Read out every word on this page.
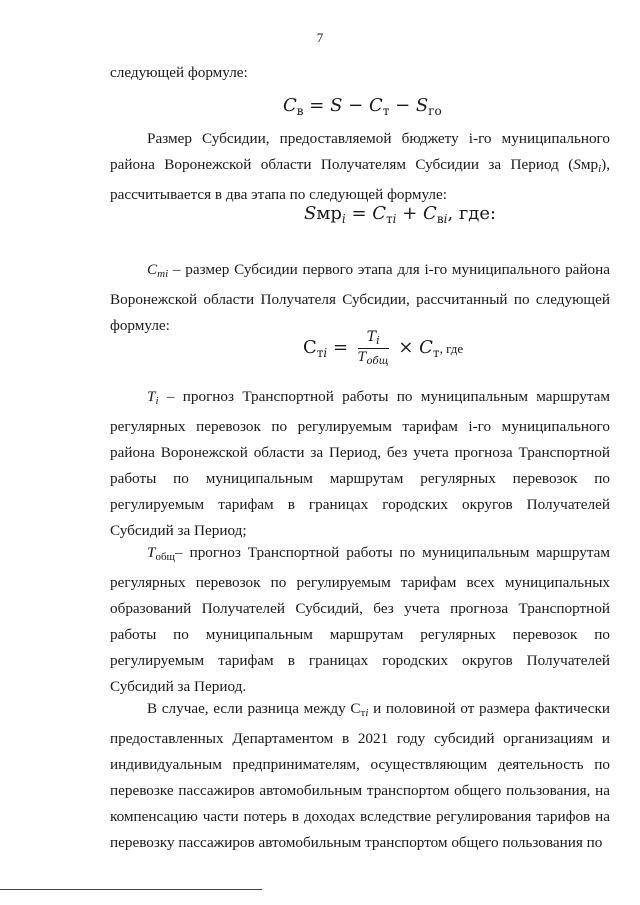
7
следующей формуле:
$C_в = S - C_т - S_{го}$
Размер Субсидии, предоставляемой бюджету i-го муниципального района Воронежской области Получателям Субсидии за Период (Sмрi), рассчитывается в два этапа по следующей формуле:
$Sмр_i = C_{тi} + C_{вi}$, где:
Cтi – размер Субсидии первого этапа для i-го муниципального района Воронежской области Получателя Субсидии, рассчитанный по следующей формуле:
$C_{тi} = \frac{T_i}{T_{общ}} \times C_т$, где
Ti – прогноз Транспортной работы по муниципальным маршрутам регулярных перевозок по регулируемым тарифам i-го муниципального района Воронежской области за Период, без учета прогноза Транспортной работы по муниципальным маршрутам регулярных перевозок по регулируемым тарифам в границах городских округов Получателей Субсидий за Период;
Tобщ– прогноз Транспортной работы по муниципальным маршрутам регулярных перевозок по регулируемым тарифам всех муниципальных образований Получателей Субсидий, без учета прогноза Транспортной работы по муниципальным маршрутам регулярных перевозок по регулируемым тарифам в границах городских округов Получателей Субсидий за Период.
В случае, если разница между Cтi и половиной от размера фактически предоставленных Департаментом в 2021 году субсидий организациям и индивидуальным предпринимателям, осуществляющим деятельность по перевозке пассажиров автомобильным транспортом общего пользования, на компенсацию части потерь в доходах вследствие регулирования тарифов на перевозку пассажиров автомобильным транспортом общего пользования по
